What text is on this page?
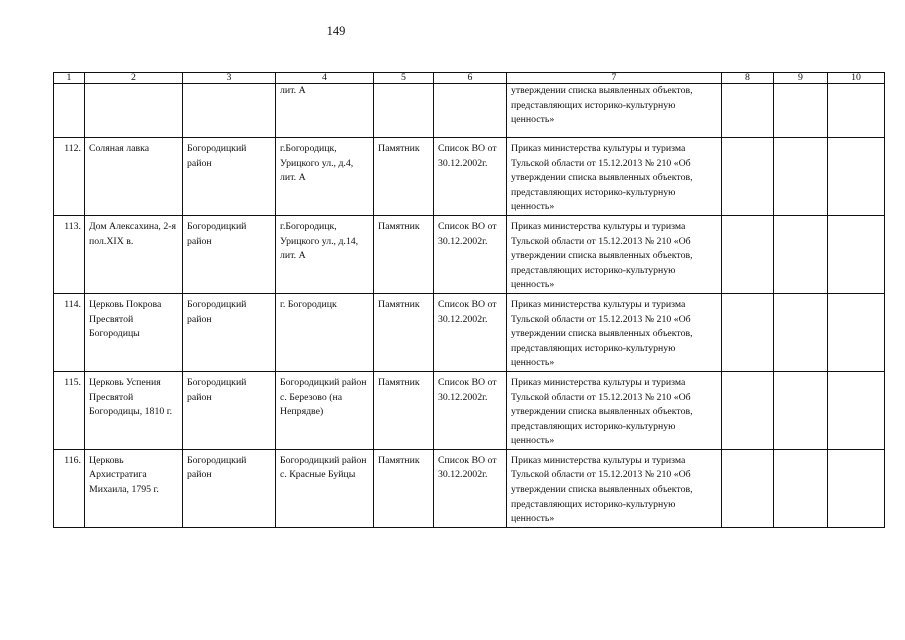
149
1	2	3	4	5	6	7	8	9	10
			лит. А			утверждении списка выявленных объектов, представляющих историко-культурную ценность»			
112.	Соляная лавка	Богородицкий район	г.Богородицк, Урицкого ул., д.4, лит. А	Памятник	Список ВО от 30.12.2002г.	Приказ министерства культуры и туризма Тульской области от 15.12.2013 № 210 «Об утверждении списка выявленных объектов, представляющих историко-культурную ценность»			
113.	Дом Алексахина, 2-я пол.XIX в.	Богородицкий район	г.Богородицк, Урицкого ул., д.14, лит. А	Памятник	Список ВО от 30.12.2002г.	Приказ министерства культуры и туризма Тульской области от 15.12.2013 № 210 «Об утверждении списка выявленных объектов, представляющих историко-культурную ценность»			
114.	Церковь Покрова Пресвятой Богородицы	Богородицкий район	г. Богородицк	Памятник	Список ВО от 30.12.2002г.	Приказ министерства культуры и туризма Тульской области от 15.12.2013 № 210 «Об утверждении списка выявленных объектов, представляющих историко-культурную ценность»			
115.	Церковь Успения Пресвятой Богородицы, 1810 г.	Богородицкий район	Богородицкий район с. Березово (на Непрядве)	Памятник	Список ВО от 30.12.2002г.	Приказ министерства культуры и туризма Тульской области от 15.12.2013 № 210 «Об утверждении списка выявленных объектов, представляющих историко-культурную ценность»			
116.	Церковь Архистратига Михаила, 1795 г.	Богородицкий район	Богородицкий район с. Красные Буйцы	Памятник	Список ВО от 30.12.2002г.	Приказ министерства культуры и туризма Тульской области от 15.12.2013 № 210 «Об утверждении списка выявленных объектов, представляющих историко-культурную ценность»			
